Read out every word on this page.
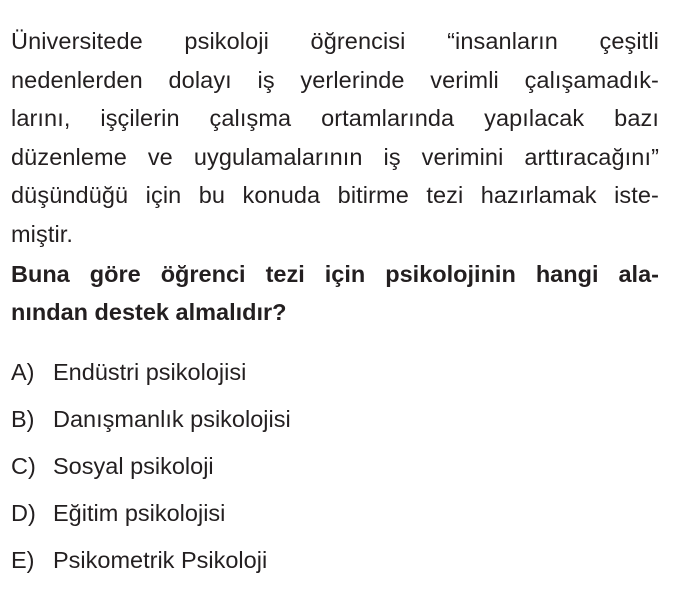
Üniversitede psikoloji öğrencisi “insanların çeşitli
nedenlerden dolayı iş yerlerinde verimli çalışamadık-
larını, işçilerin çalışma ortamlarında yapılacak bazı
düzenleme ve uygulamalarının iş verimini arttıracağını”
düşündüğü için bu konuda bitirme tezi hazırlamak iste-
miştir.
Buna göre öğrenci tezi için psikolojinin hangi ala-
nından destek almalıdır?
A) Endüstri psikolojisi
B) Danışmanlık psikolojisi
C) Sosyal psikoloji
D) Eğitim psikolojisi
E) Psikometrik Psikoloji
